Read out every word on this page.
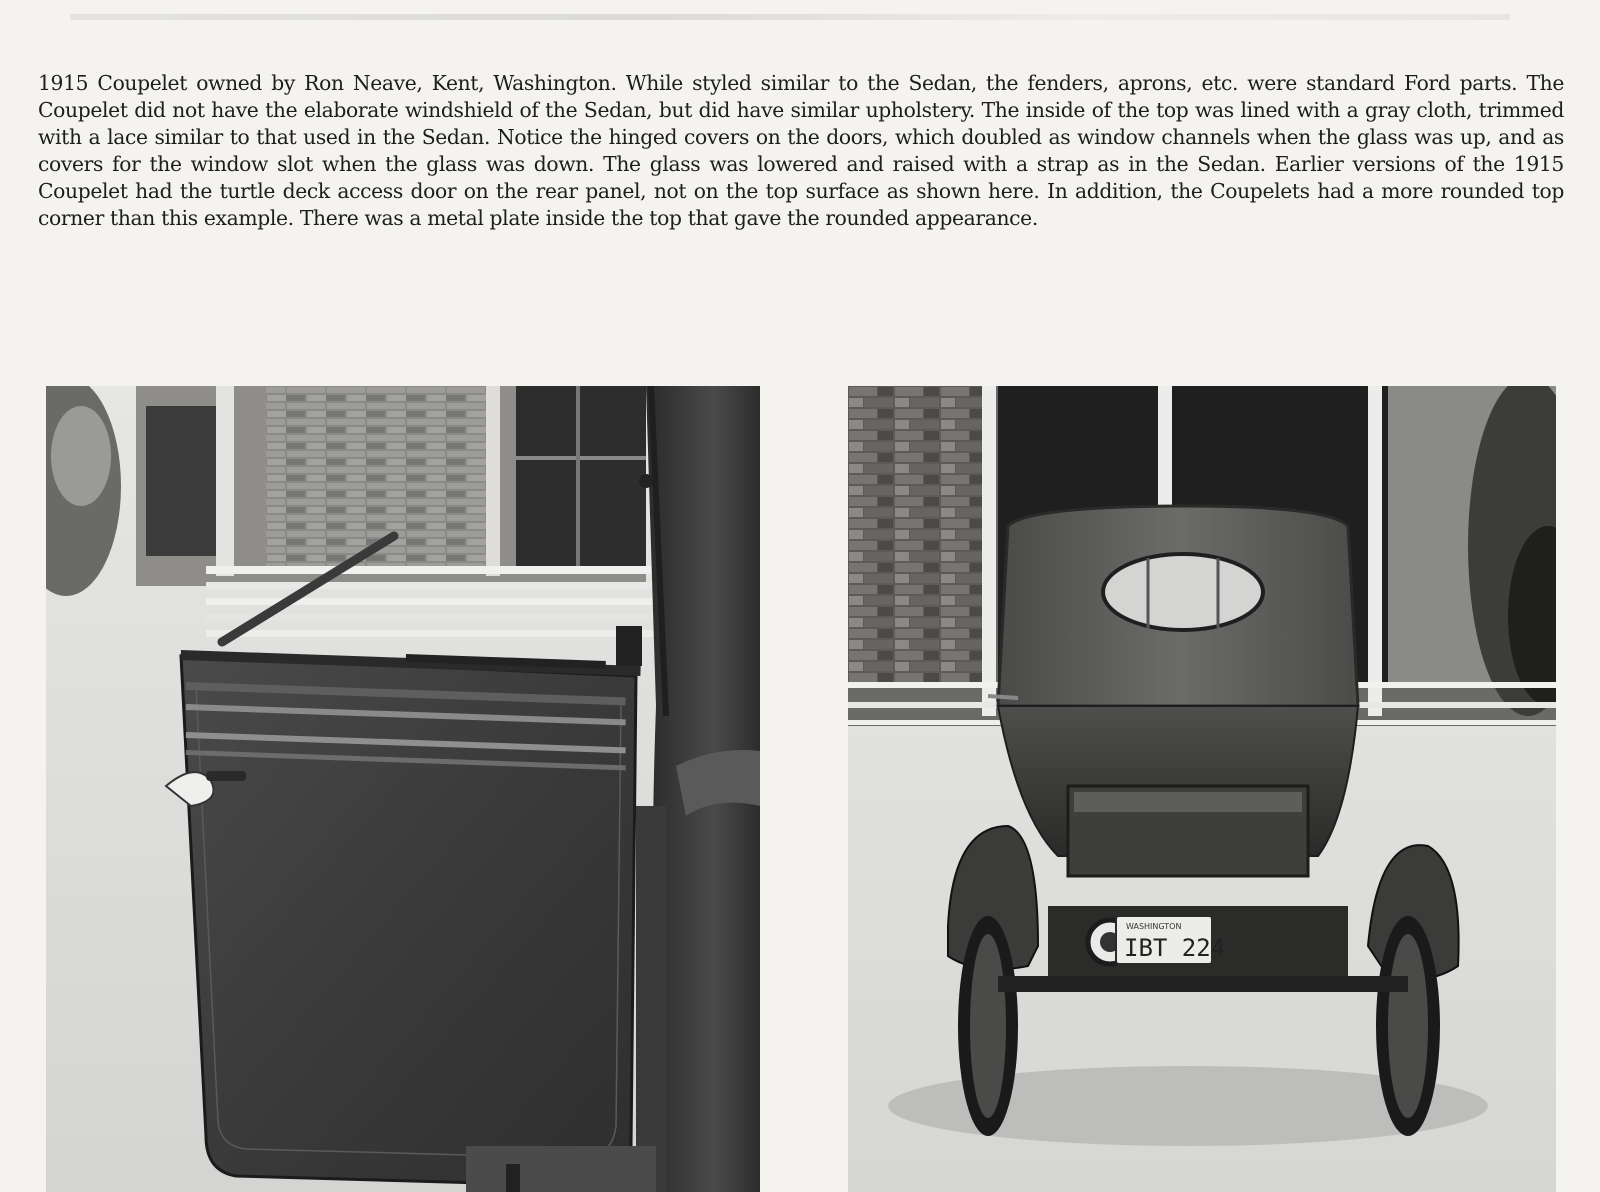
1915 Coupelet owned by Ron Neave, Kent, Washington. While styled similar to the Sedan, the fenders, aprons, etc. were standard Ford parts. The Coupelet did not have the elaborate windshield of the Sedan, but did have similar upholstery. The inside of the top was lined with a gray cloth, trimmed with a lace similar to that used in the Sedan. Notice the hinged covers on the doors, which doubled as window channels when the glass was up, and as covers for the window slot when the glass was down. The glass was lowered and raised with a strap as in the Sedan. Earlier versions of the 1915 Coupelet had the turtle deck access door on the rear panel, not on the top surface as shown here. In addition, the Coupelets had a more rounded top corner than this example. There was a metal plate inside the top that gave the rounded appearance.

WASHINGTON
IBT 224
